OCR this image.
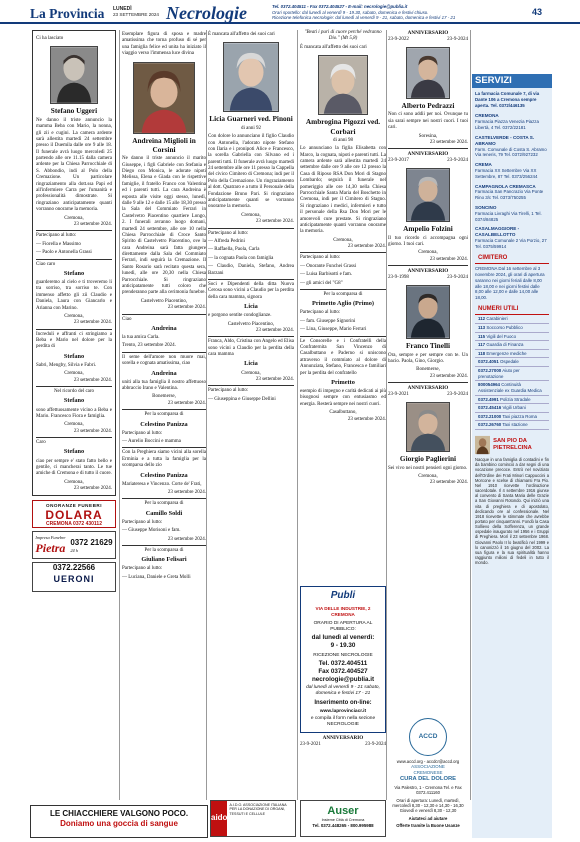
La Provincia LUNEDÌ
23 SETTEMBRE 2024 Necrologie	Tel. 0372.404511 - Fax 0372.404527 - E-mail: necrologie@publia.it
Orari sportello: dal lunedì al venerdì 9 - 19.30, sabato, domenica e festivi chiuso.
Ricezione telefonica necrologie: dal lunedì al venerdì 9 - 21, sabato, domenica e festivi 17 - 21
43
Ci ha lasciato
Stefano Uggeri
Ne danno il triste annuncio la mamma Beba con Mario, la nonna, gli zii e cugini. La camera ardente sarà allestita martedì 24 settembre presso il Duemila dalle ore 9 alle 18. Il funerale avrà luogo mercoledì 25 partendo alle ore 11.15 dalla camera ardente per la Chiesa Parrocchiale di S. Abbondio, indi al Polo della Cremazione. Un particolare ringraziamento alla dott.ssa Papi ed all'infermiere Carra per l'umanità e professionalità dimostrate. Si ringraziano anticipatamente quanti vorranno onorarne la memoria.
Cremona,
23 settembre 2024.
Partecipano al lutto:
— Fiorella e Massimo
— Paolo e Antonella Grassi
Ciao caro
Stefano
guarderemo al cielo e ti troveremo li tra sorriso, tra sorriso te. Con immenso affetto gli zii Claudio e Daniela, Laura con Giancarlo e Arianna con Marino.
Cremona,
23 settembre 2024.
Increduli e affranti ci stringiamo a Beba e Mario nel dolore per la perdita di
Stefano
Sabri, Mengby, Silvia e Fabri.
Cremona,
23 settembre 2024.
Nel ricordo del caro
Stefano
sono affettuosamente vicino a Beba e Mario. Francesco Fiora e famiglia.
Cremona,
23 settembre 2024.
Caro
Stefano
ciao per sempre e' stato fatto bello e gentile, ci mancherai tanto. Le tue amiche di Cremona e di tutto il cuore.
Cremona,
23 settembre 2024.
ONORANZE FUNEBRI
DOLARA
CREMONA 0372 430112
Impresa Funebre
Pietra 0372 21629
24 h
0372.22566
UERONI
Esemplare figura di sposa e madre amatissima che torna profuso di sé per una famiglia felice ed unita ha iniziato il viaggio verso l'immensa luce divina
Andreina Miglioli in Corsini
Ne danno il triste annuncio il marito Giuseppe, i figli Gabriele con Stefania e Diego con Monica, le adorate nipoti Melissa, Elena e Giada con le rispettive famiglie, il fratello Franco con Valentina ed i parenti tutti. La cara Andreina è esposta alle visite oggi stesso, lunedì, dalle 9 alle 12 e dalle 15 alle 18,30 presso la Sala del Commiato Ferrari in Castelvetro Piacentino quartiere Longo, 2. I funerali avranno luogo domani, martedì 24 settembre, alle ore 10 nella Chiesa Parrocchiale di Croce Santo Spirito di Castelvetro Piacentino, ove la cara Andreina sarà fatta giungere direttamente dalla Sala del Commiato Ferrari, indi seguirà la Cremazione. Il Santo Rosario sarà recitato questa sera, lunedì, alle ore 20,30 nella Chiesa Parrocchiale. Si ringraziano anticipatamente tutti coloro che prenderanno parte alla cerimonia funebre.
Castelvetro Piacentino,
23 settembre 2024.
Ciao
Andreina
la tua amica Carla.
Trento, 23 settembre 2024.
Il seme dell'amore non muore mai, sorella e cognata amatissima, ciao
Andreina
uniti alla tua famiglia il nostro affettuoso abbraccio Irano e Valentina.
Bonemerse,
23 settembre 2024.
Per la scomparsa di
Celestino Panizza
Partecipano al lutto:
— Aurelio Boccini e mamma
Con la Preghiera siamo vicini alla sorella Erminia e a tutta la famiglia per la scomparsa dello zio
Celestino Panizza
Mariateresa e Vincenzo. Corte de' Frati,
23 settembre 2024.
Per la scomparsa di
Camillo Soldi
Partecipano al lutto:
— Giuseppe Morisoni e fam.
23 settembre 2024.
Per la scomparsa di
Giuliano Felisari
Partecipano al lutto:
— Luciana, Daniele e Greta Molli
È mancata all'affetto dei suoi cari
Licia Guarneri ved. Pinoni
di anni 92
Con dolore lo annunciano il figlio Claudio con Antonella, l'adorato nipote Stefano con Ilaria e i pronipoti Alice e Francesco, la sorella Gabriella con Silvano ed i parenti tutti. Il funerale avrà luogo martedì 24 settembre alle ore 11 presso la Cappella del civico Cimitero di Cremona; indi per il Polo della Cremazione. Un ringraziamento al dott. Quatraro e a tutto il Personale della Fondazione Bruno Pari. Si ringraziano anticipatamente quanti se vorranno onorarne la memoria.
Cremona,
23 settembre 2024.
Partecipano al lutto:
— Alfreda Pedrini
— Raffaella, Paola, Carla
— la cognata Paola con famiglia
— Claudio, Daniela, Stefano, Andrea Barzani
Soci e Dipendenti della ditta Nuova Cerosa sono vicini a Claudio per la perdita della cara mamma, signora
Licia
e porgono sentite condoglianze.
Castelvetro Piacentino,
23 settembre 2024.
Franca, Aldo, Cristina con Angelo ed Elisa sono vicini a Claudio per la perdita della cara mamma
Licia
Cremona,
23 settembre 2024.
Partecipano al lutto:
— Giuseppina e Giuseppe Dellini
"Beati i puri di cuore perché vedranno Dio." (Mt 5,8)
È mancata all'affetto dei suoi cari
Ambrogina Pigozzi ved. Corbari
di anni 98
Lo annunciano la figlia Elisabetta con Marco, la cognata, nipoti e parenti tutti. La camera ardente sarà allestita martedì 24 settembre dalle ore 9 alle ore 12 presso la Casa di Riposo RSA Don Mori di Stagno Lombardo; seguirà il funerale nel pomeriggio alle ore 14,30 nella Chiesa Parrocchiale Santa Maria del Boschetto in Cremona, indi per il Cimitero di Stagno. Si ringraziano i medici, infermieri e tutto il personale della Rsa Don Mori per le amorevoli cure prestate. Si ringraziano anticipatamente quanti vorranno onorarne la memoria.
Cremona,
23 settembre 2024.
Partecipano al lutto:
— Onorante Funchei Grassi
— Luisa Barbisotti e fam.
— gli amici del "G8"
Per la scomparsa di
Primetto Aglio (Primo)
Partecipano al lutto:
— fam. Giuseppe Signorini
— Lina, Giuseppe, Mario Ferrari
Le Consorelle e i Confratelli della Confraternita San Vincenzo di Casalbuttano e Paderno si uniscono attraverso il commiato al dolore di Annunziata, Stefano, Francesca e familiari per la perdita del confratello
Primetto
esempio di impegno e carità dedicati ai più bisognosi sempre con entusiasmo ed energia. Resterà sempre nei nostri cuori.
Casalbuttano,
23 settembre 2024.
Publi
VIA DELLE INDUSTRIE, 2 CREMONA
ORARIO DI APERTURA AL PUBBLICO:
dal lunedì al venerdì:
9 - 19.30
RICEZIONE NECROLOGIE
Tel. 0372.404511
Fax 0372.404527
necrologie@publia.it
dal lunedì al venerdì 9 - 21 sabato, domenica e festivi 17 - 21
Inserimento on-line:
www.laprovinciacr.it
e compila il form nella sezione NECROLOGIE
ANNIVERSARIO
23-9-2021	23-9-2024
ANNIVERSARIO
23-9-2022	23-9-2024
Alberto Pedrazzi
Non ci sono addii per noi. Ovunque tu sia sarai sempre nei nostri cuori. I tuoi cari.
Soresina,
23 settembre 2024.
ANNIVERSARIO
23-9-2017	23-9-2024
Ampelio Folzini
Il tuo ricordo ci accompagna ogni giorno. I tuoi cari.
Cremona,
23 settembre 2024.
ANNIVERSARIO
23-9-1998	23-9-2024
Franco Tinelli
Ora, sempre e per sempre con te. Un bacio. Paola, Gino, Giorgio.
Bonemerse,
23 settembre 2024.
ANNIVERSARIO
23-9-2021	23-9-2024
Giorgio Paglierini
Sei vivo nei nostri pensieri ogni giorno.
Cremona,
23 settembre 2024.
ACCD
www.accd.org - accdcr@accd.org
ASSOCIAZIONE
CREMONESE
CURA DEL DOLORE
Via Palestro, 1 - Cremona Tel. e Fax 0372.411160
Orari di apertura: Lunedì, martedì, mercoledì 8,30 - 12,30 e 14,30 - 16,30 Giovedì e venerdì 8,30 - 12,30
Aiutateci ad aiutare
Offerte tramite la Buone Usanze
SERVIZI
La farmacia Comunale 7, di via Dante 106 a Cremona sempre aperta. Tel. 0372/446135
CREMONA
Farmacia Piazza Venezia Piazza Libertà, 4 Tel. 0372/22181
CASTELVERDE - COSTA S. ABRAMO
Farm. Comunale di Costa S. Abramo Via Ieneris, 79 Tel. 0372/927232
CREMA
Farmacia XX Settembre Via XX Settembre, 87 Tel. 0373/256244
CAMPAGNOLA CREMASCA
Farmacia San Pancrazio Via Ponte Rino 3/c Tel. 0373/750255
SONCINO
Farmacia Livraghi Via Tirelli, 1 Tel. 0374/84825
CASALMAGGIORE - CASALBELLOTTO
Farmacia Comunale 2 Via Porzio, 27 Tel. 0375/59914
CIMITERO
CREMONA Dal 16 settembre al 3 novembre 2024, gli orari di apertura saranno nei giorni feriali dalle 8,00 alle 18,00 e nei giorni festivi dalle 8,00 alle 12,00 e dalle 14,00 alle 18,00.
NUMERI UTILI
112 Carabinieri
113 Soccorso Pubblico
115 Vigili del Fuoco
117 Guardia di Finanza
118 Emergenze mediche
0372.4051 Ospedale
0372.27000 Aiuto per prenotazione
800054964 Continuità Assistenziale ex Guardia Medica
0372.4991 Polizia Stradale
0372.45416 Vigili Urbani
0372.21000 Taxi piazza Roma
0372.26760 Taxi stazione
SAN PIO DA PIETRELCINA
Nacque in una famiglia di contadini e fin da bambino cominciò a dar segni di una vocazione precoce. Entrò nel noviziato dell'Ordine dei Frati Minori Cappuccini a Morcone e scelse di chiamarsi Fra Pio. Nel 1910 ricevette l'ordinazione sacerdotale. Il 4 settembre 1916 giunse al convento di Santa Maria delle Grazie a San Giovanni Rotondo. Qui iniziò una vita di preghiera e di apostolato, dedicando ore al confessionale. Nel 1918 ricevette le stimmate che avrebbe portato per cinquant'anni. Fondò la Casa Sollievo della Sofferenza, un grande ospedale inaugurato nel 1956 e i Gruppi di Preghiera. Morì il 23 settembre 1968. Giovanni Paolo II lo beatificò nel 1999 e lo canonizzò il 16 giugno del 2002. La sua figura e la sua spiritualità hanno raggiunto milioni di fedeli in tutto il mondo.
LE CHIACCHIERE VALGONO POCO.
Doniamo una goccia di sangue
aido
A.I.D.O. ASSOCIAZIONE ITALIANA PER LA DONAZIONE DI ORGANI, TESSUTI E CELLULE	Auser
Insieme Città di Cremona
Tel. 0372.448265 - 800.995988
